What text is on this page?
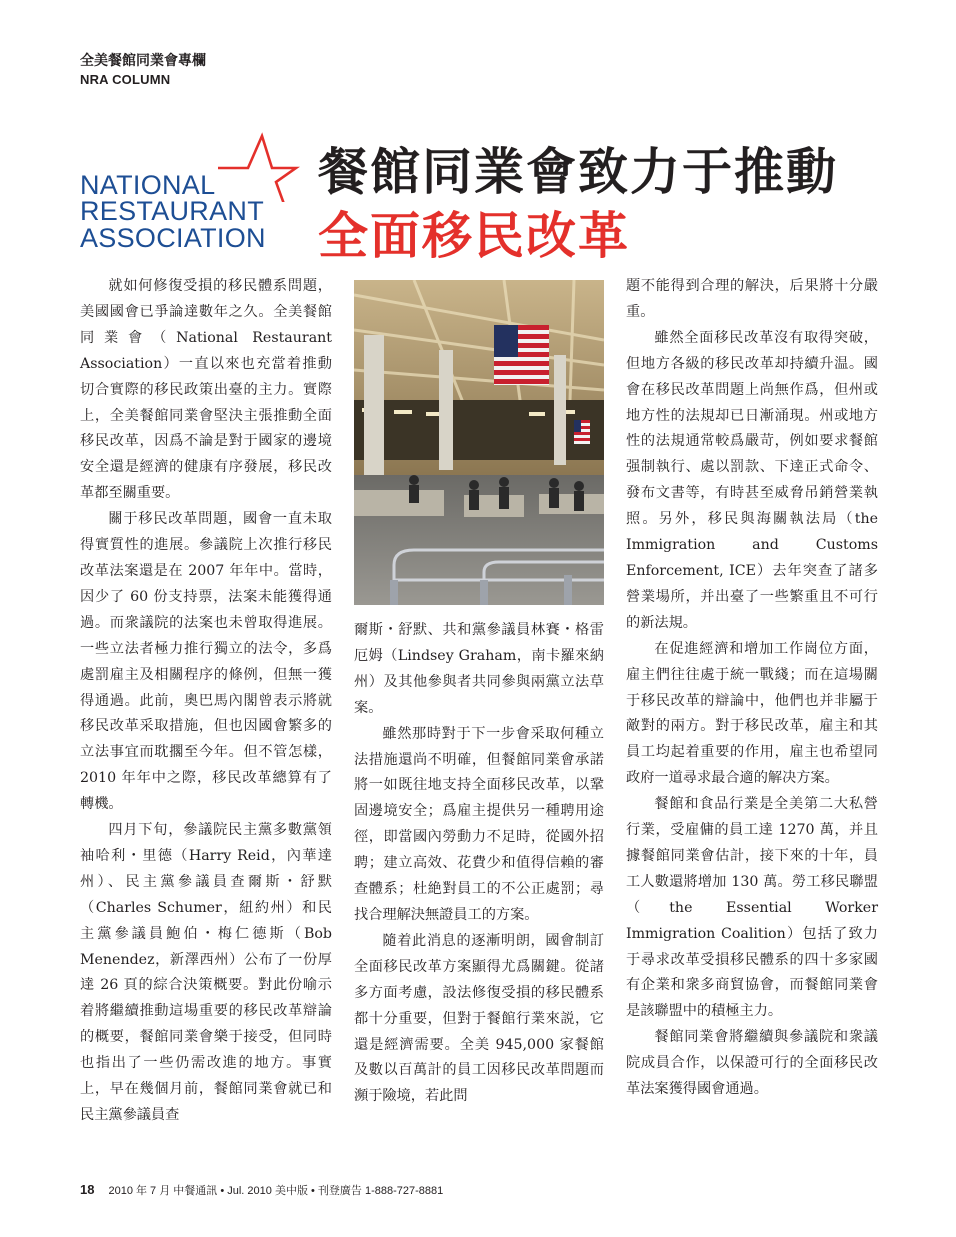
全美餐館同業會專欄
NRA COLUMN
NATIONAL
RESTAURANT
ASSOCIATION
餐館同業會致力于推動
全面移民改革

就如何修復受損的移民體系問題，美國國會已爭論達數年之久。全美餐館同業會（National Restaurant Association）一直以來也充當着推動切合實際的移民政策出臺的主力。實際上，全美餐館同業會堅決主張推動全面移民改革，因爲不論是對于國家的邊境安全還是經濟的健康有序發展，移民改革都至關重要。

關于移民改革問題，國會一直未取得實質性的進展。參議院上次推行移民改革法案還是在 2007 年年中。當時，因少了 60 份支持票，法案未能獲得通過。而衆議院的法案也未曾取得進展。一些立法者極力推行獨立的法令，多爲處罰雇主及相關程序的條例，但無一獲得通過。此前，奧巴馬內閣曾表示將就移民改革采取措施，但也因國會繁多的立法事宜而耽擱至今年。但不管怎樣，2010 年年中之際，移民改革總算有了轉機。

四月下旬，參議院民主黨多數黨領袖哈利・里德（Harry Reid，內華達州）、民主黨參議員查爾斯・舒默（Charles Schumer，紐約州）和民主黨參議員鮑伯・梅仁德斯（Bob Menendez，新澤西州）公布了一份厚達 26 頁的綜合決策概要。對此份喻示着將繼續推動這場重要的移民改革辯論的概要，餐館同業會樂于接受，但同時也指出了一些仍需改進的地方。事實上，早在幾個月前，餐館同業會就已和民主黨參議員查

爾斯・舒默、共和黨參議員林賽・格雷厄姆（Lindsey Graham，南卡羅來納州）及其他參與者共同參與兩黨立法草案。

雖然那時對于下一步會采取何種立法措施還尚不明確，但餐館同業會承諾將一如既往地支持全面移民改革，以鞏固邊境安全；爲雇主提供另一種聘用途徑，即當國內勞動力不足時，從國外招聘；建立高效、花費少和值得信賴的審查體系；杜絶對員工的不公正處罰；尋找合理解決無證員工的方案。

隨着此消息的逐漸明朗，國會制訂全面移民改革方案顯得尤爲關鍵。從諸多方面考慮，設法修復受損的移民體系都十分重要，但對于餐館行業來説，它還是經濟需要。全美 945,000 家餐館及數以百萬計的員工因移民改革問題而瀕于險境，若此問

題不能得到合理的解決，后果將十分嚴重。

雖然全面移民改革沒有取得突破，但地方各級的移民改革却持續升温。國會在移民改革問題上尚無作爲，但州或地方性的法規却已日漸涌現。州或地方性的法規通常較爲嚴苛，例如要求餐館强制執行、處以罰款、下達正式命令、發布文書等，有時甚至威脅吊銷營業執照。另外，移民與海關執法局（the Immigration and Customs Enforcement, ICE）去年突查了諸多營業場所，并出臺了一些繁重且不可行的新法規。

在促進經濟和增加工作崗位方面，雇主們往往處于統一戰綫；而在這場關于移民改革的辯論中，他們也并非屬于敵對的兩方。對于移民改革，雇主和其員工均起着重要的作用，雇主也希望同政府一道尋求最合適的解决方案。

餐館和食品行業是全美第二大私營行業，受雇傭的員工達 1270 萬，并且據餐館同業會估計，接下來的十年，員工人數還將增加 130 萬。勞工移民聯盟（the Essential Worker Immigration Coalition）包括了致力于尋求改革受損移民體系的四十多家國有企業和衆多商貿協會，而餐館同業會是該聯盟中的積極主力。

餐館同業會將繼續與參議院和衆議院成員合作，以保證可行的全面移民改革法案獲得國會通過。

18 2010 年 7 月 中餐通訊 • Jul. 2010 美中版 • 刊登廣告 1-888-727-8881
